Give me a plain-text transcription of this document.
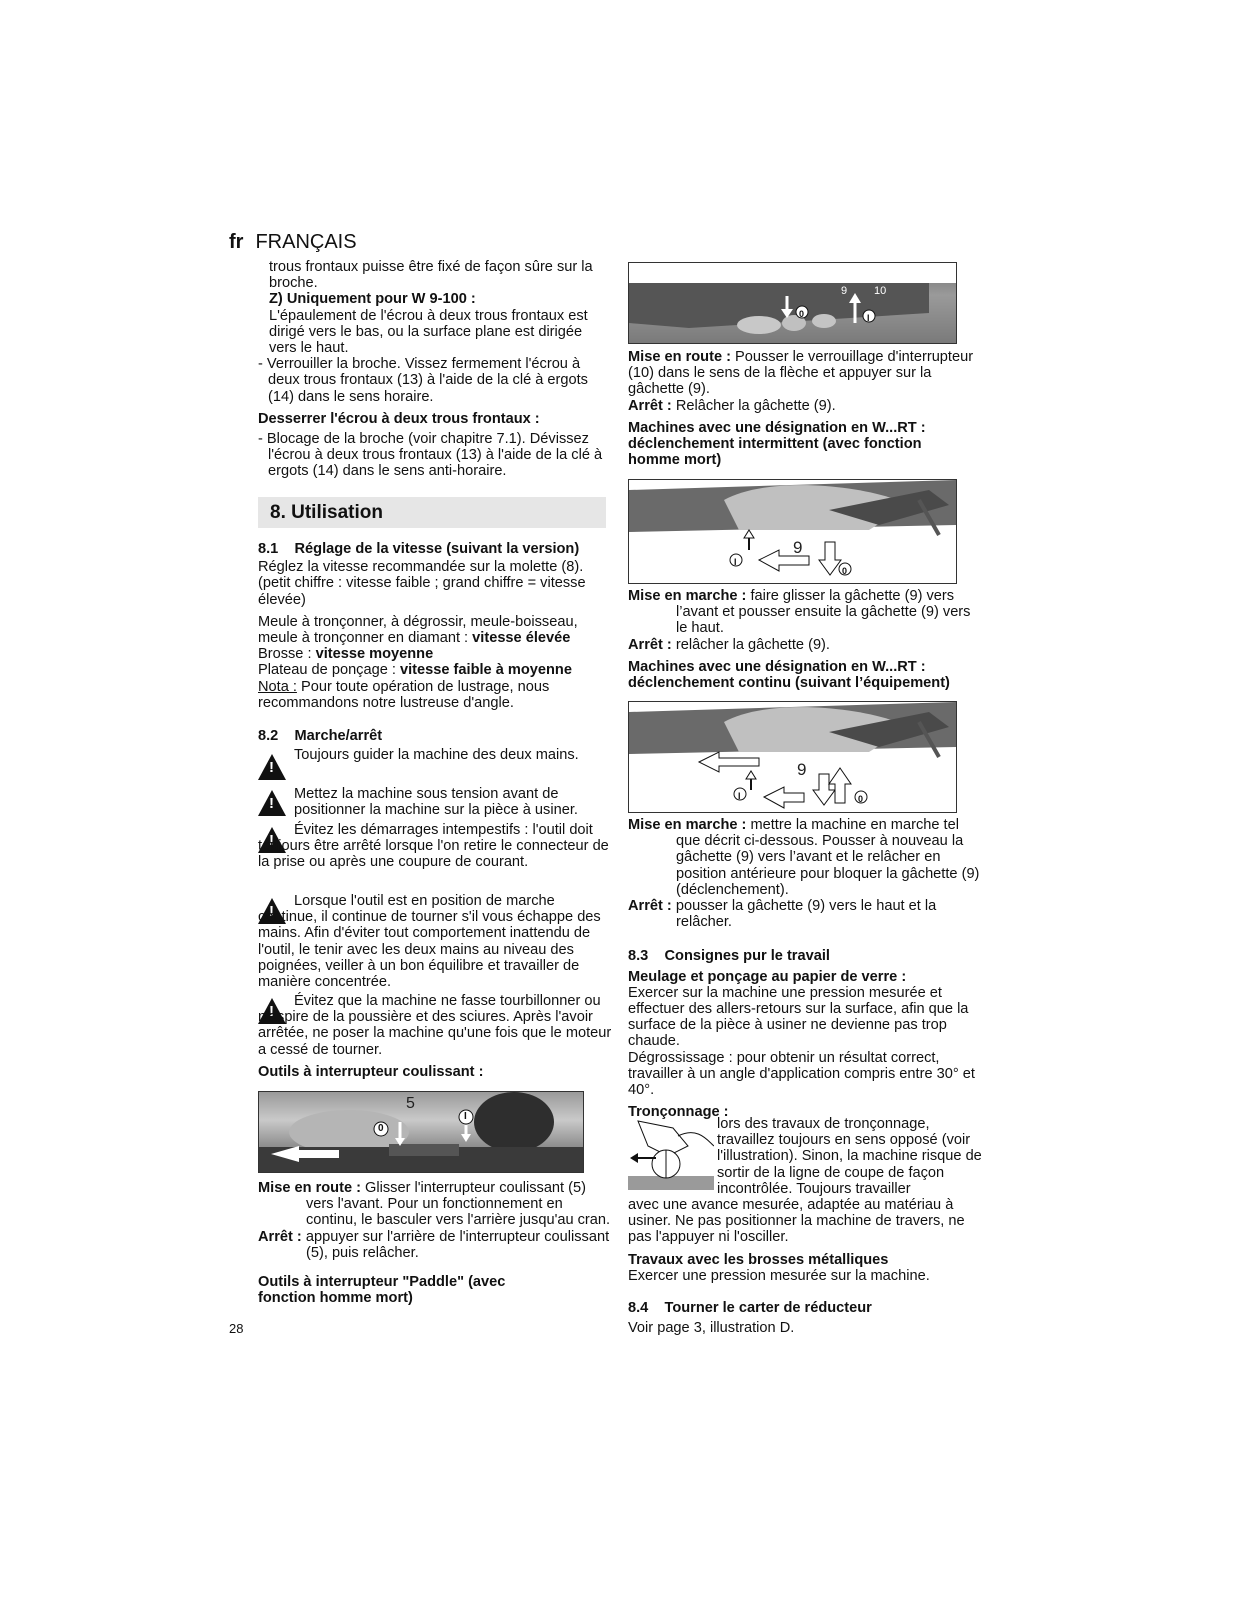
fr FRANÇAIS

trous frontaux puisse être fixé de façon sûre sur la broche.

Z) Uniquement pour W 9-100 :

L'épaulement de l'écrou à deux trous frontaux est dirigé vers le bas, ou la surface plane est dirigée vers le haut.

- Verrouiller la broche. Vissez fermement l'écrou à deux trous frontaux (13) à l'aide de la clé à ergots (14) dans le sens horaire.

Desserrer l'écrou à deux trous frontaux :

- Blocage de la broche (voir chapitre 7.1). Dévissez l'écrou à deux trous frontaux (13) à l'aide de la clé à ergots (14) dans le sens anti-horaire.

8. Utilisation

8.1    Réglage de la vitesse (suivant la version)

Réglez la vitesse recommandée sur la molette (8). (petit chiffre : vitesse faible ; grand chiffre = vitesse élevée)

Meule à tronçonner, à dégrossir, meule-boisseau, meule à tronçonner en diamant : vitesse élevée

Brosse : vitesse moyenne

Plateau de ponçage : vitesse faible à moyenne

Nota : Pour toute opération de lustrage, nous recommandons notre lustreuse d'angle.

8.2    Marche/arrêt

!

Toujours guider la machine des deux mains.

!

Mettez la machine sous tension avant de positionner la machine sur la pièce à usiner.

!

Évitez les démarrages intempestifs : l'outil doit toujours être arrêté lorsque l'on retire le connecteur de la prise ou après une coupure de courant.

!

Lorsque l'outil est en position de marche continue, il continue de tourner s'il vous échappe des mains. Afin d'éviter tout comportement inattendu de l'outil, le tenir avec les deux mains au niveau des poignées, veiller à un bon équilibre et travailler de manière concentrée.

!

Évitez que la machine ne fasse tourbillonner ou n'aspire de la poussière et des sciures. Après l'avoir arrêtée, ne poser la machine qu'une fois que le moteur a cessé de tourner.

Outils à interrupteur coulissant :

5
0
I

Mise en route : Glisser l'interrupteur coulissant (5) vers l'avant. Pour un fonctionnement en continu, le basculer vers l'arrière jusqu'au cran.

Arrêt : appuyer sur l'arrière de l'interrupteur coulissant (5), puis relâcher.

Outils à interrupteur "Paddle" (avec fonction homme mort)

28
9 10
0	I

Mise en route : Pousser le verrouillage d'interrupteur (10) dans le sens de la flèche et appuyer sur la gâchette (9).

Arrêt : Relâcher la gâchette (9).

Machines avec une désignation en W...RT : déclenchement intermittent (avec fonction homme mort)

9
I
0

Mise en marche : faire glisser la gâchette (9) vers l’avant et pousser ensuite la gâchette (9) vers le haut.

Arrêt : relâcher la gâchette (9).

Machines avec une désignation en W...RT : déclenchement continu (suivant l’équipement)

9
I	0

Mise en marche : mettre la machine en marche tel que décrit ci-dessous. Pousser à nouveau la gâchette (9) vers l’avant et le relâcher en position antérieure pour bloquer la gâchette (9) (déclenchement).

Arrêt : pousser la gâchette (9) vers le haut et la relâcher.

8.3    Consignes pur le travail

Meulage et ponçage au papier de verre :

Exercer sur la machine une pression mesurée et effectuer des allers-retours sur la surface, afin que la surface de la pièce à usiner ne devienne pas trop chaude.

Dégrossissage : pour obtenir un résultat correct, travailler à un angle d'application compris entre 30° et 40°.

Tronçonnage :

lors des travaux de tronçonnage, travaillez toujours en sens opposé (voir l'illustration). Sinon, la machine risque de sortir de la ligne de coupe de façon incontrôlée. Toujours travailler

avec une avance mesurée, adaptée au matériau à usiner. Ne pas positionner la machine de travers, ne pas l'appuyer ni l'osciller.

Travaux avec les brosses métalliques

Exercer une pression mesurée sur la machine.

8.4    Tourner le carter de réducteur

Voir page 3, illustration D.
